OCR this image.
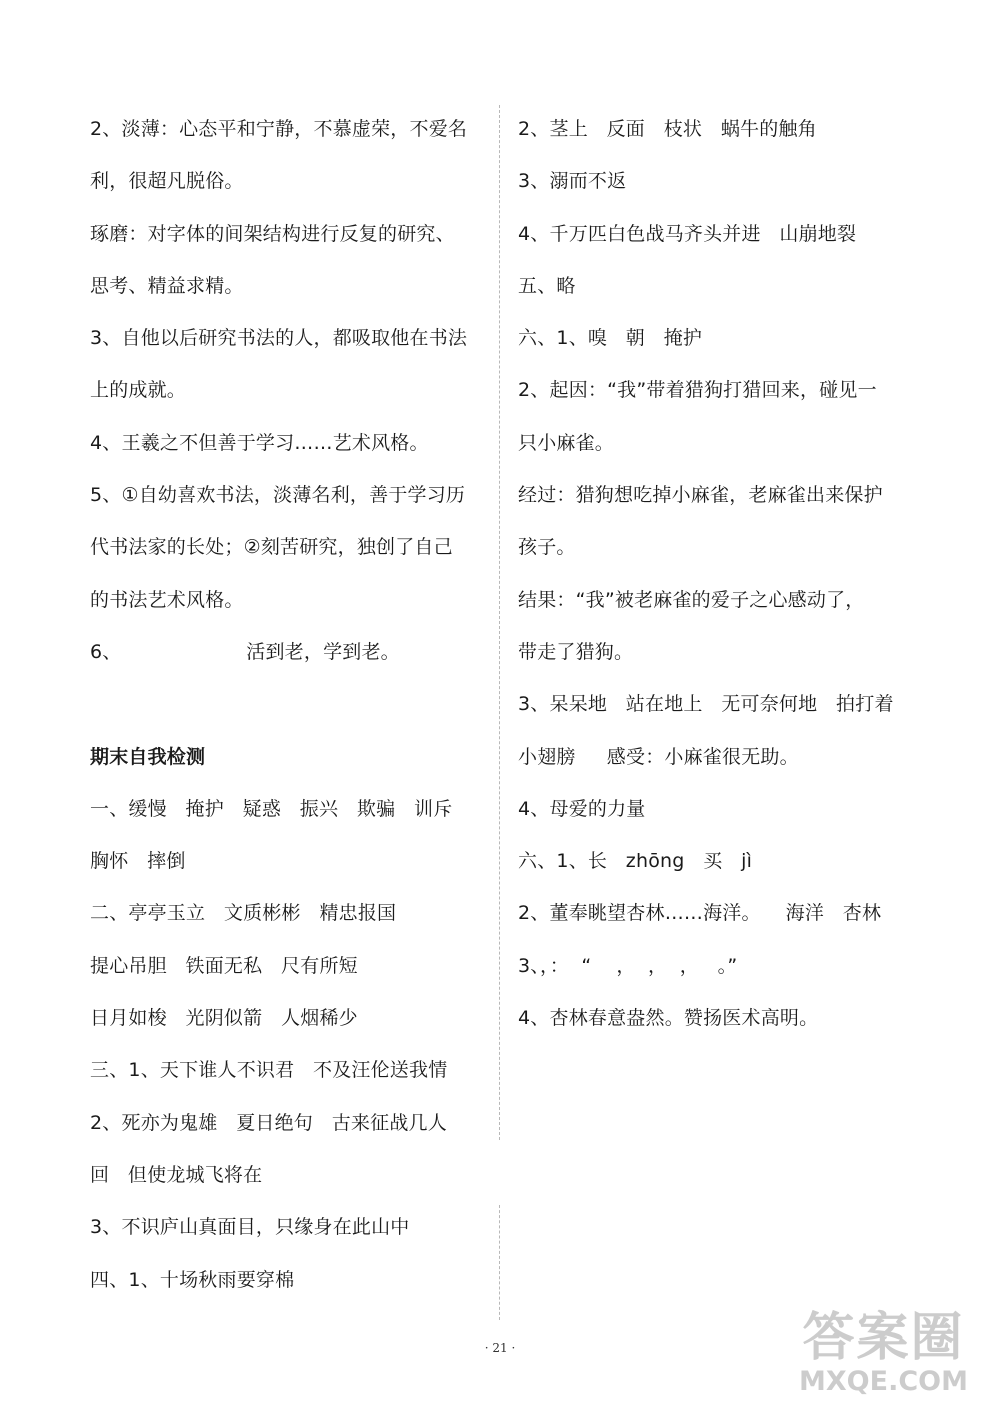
2、淡薄：心态平和宁静，不慕虚荣，不爱名
利，很超凡脱俗。
琢磨：对字体的间架结构进行反复的研究、
思考、精益求精。
3、自他以后研究书法的人，都吸取他在书法
上的成就。
4、王羲之不但善于学习……艺术风格。
5、①自幼喜欢书法，淡薄名利，善于学习历
代书法家的长处；②刻苦研究，独创了自己
的书法艺术风格。
6、                    活到老，学到老。
期末自我检测
一、缓慢   掩护   疑惑   振兴   欺骗   训斥
胸怀   摔倒
二、亭亭玉立   文质彬彬   精忠报国
提心吊胆   铁面无私   尺有所短
日月如梭   光阴似箭   人烟稀少
三、1、天下谁人不识君   不及汪伦送我情
2、死亦为鬼雄   夏日绝句   古来征战几人
回   但使龙城飞将在
3、不识庐山真面目，只缘身在此山中
四、1、十场秋雨要穿棉
2、茎上   反面   枝状   蜗牛的触角
3、溺而不返
4、千万匹白色战马齐头并进   山崩地裂
五、略
六、1、嗅   朝   掩护
2、起因：“我”带着猎狗打猎回来，碰见一
只小麻雀。
经过：猎狗想吃掉小麻雀，老麻雀出来保护
孩子。
结果：“我”被老麻雀的爱子之心感动了，
带走了猎狗。
3、呆呆地   站在地上   无可奈何地   拍打着
小翅膀     感受：小麻雀很无助。
4、母爱的力量
六、1、长   zhōng   买   jì
2、董奉眺望杏林……海洋。    海洋   杏林
3、，：  “    ，  ，  ，   。”
4、杏林春意盎然。赞扬医术高明。
· 21 ·	答案圈
MXQE.COM
